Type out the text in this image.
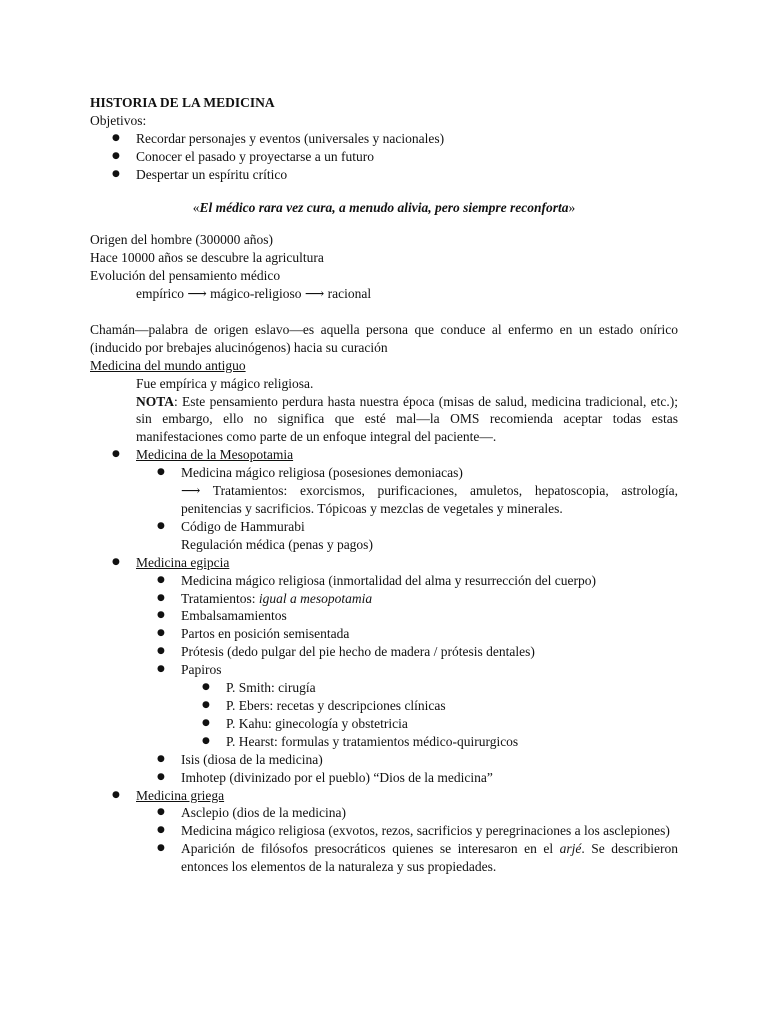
HISTORIA DE LA MEDICINA

Objetivos:

● Recordar personajes y eventos (universales y nacionales)
● Conocer el pasado y proyectarse a un futuro
● Despertar un espíritu crítico

«El médico rara vez cura, a menudo alivia, pero siempre reconforta»

Origen del hombre (300000 años)

Hace 10000 años se descubre la agricultura

Evolución del pensamiento médico

empírico ⟶ mágico-religioso ⟶ racional

Chamán—palabra de origen eslavo—es aquella persona que conduce al enfermo en un estado onírico (inducido por brebajes alucinógenos) hacia su curación

Medicina del mundo antiguo

Fue empírica y mágico religiosa.

NOTA: Este pensamiento perdura hasta nuestra época (misas de salud, medicina tradicional, etc.); sin embargo, ello no significa que esté mal—la OMS recomienda aceptar todas estas manifestaciones como parte de un enfoque integral del paciente—.

● Medicina de la Mesopotamia
● Medicina mágico religiosa (posesiones demoniacas)

⟶ Tratamientos: exorcismos, purificaciones, amuletos, hepatoscopia, astrología, penitencias y sacrificios. Tópicoas y mezclas de vegetales y minerales.

● Código de Hammurabi

Regulación médica (penas y pagos)

● Medicina egipcia
● Medicina mágico religiosa (inmortalidad del alma y resurrección del cuerpo)
● Tratamientos: igual a mesopotamia
● Embalsamamientos
● Partos en posición semisentada
● Prótesis (dedo pulgar del pie hecho de madera / prótesis dentales)
● Papiros
● P. Smith: cirugía
● P. Ebers: recetas y descripciones clínicas
● P. Kahu: ginecología y obstetricia
● P. Hearst: formulas y tratamientos médico-quirurgicos
● Isis (diosa de la medicina)
● Imhotep (divinizado por el pueblo) “Dios de la medicina”
● Medicina griega
● Asclepio (dios de la medicina)
● Medicina mágico religiosa (exvotos, rezos, sacrificios y peregrinaciones a los asclepiones)
● Aparición de filósofos presocráticos quienes se interesaron en el arjé. Se describieron entonces los elementos de la naturaleza y sus propiedades.
